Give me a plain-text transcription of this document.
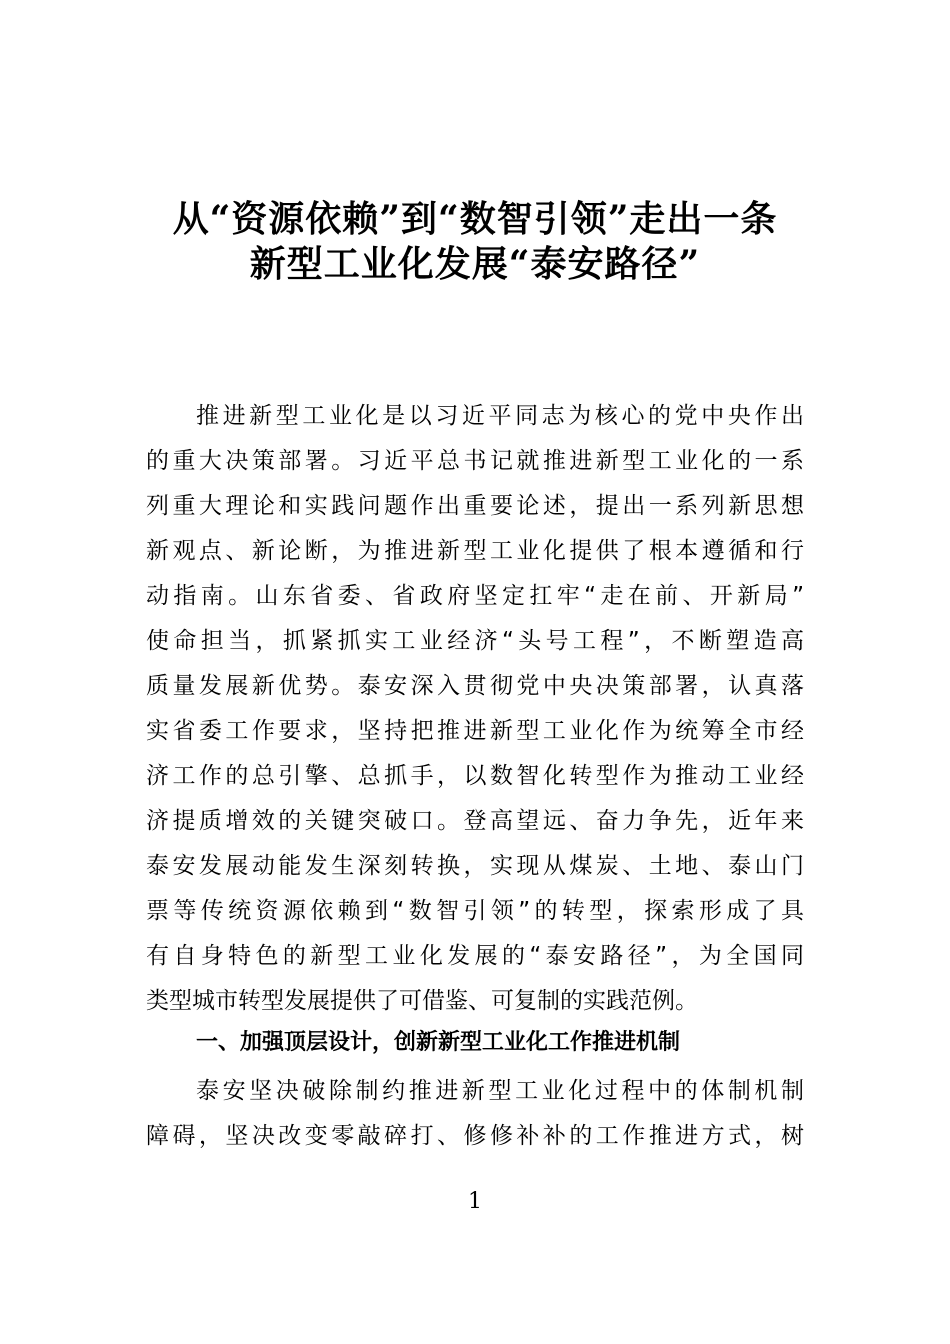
从“资源依赖”到“数智引领”走出一条
新型工业化发展“泰安路径”

推进新型工业化是以习近平同志为核心的党中央作出

的重大决策部署。习近平总书记就推进新型工业化的一系

列重大理论和实践问题作出重要论述，提出一系列新思想

新观点、新论断，为推进新型工业化提供了根本遵循和行

动指南。山东省委、省政府坚定扛牢“走在前、开新局”

使命担当，抓紧抓实工业经济“头号工程”，不断塑造高

质量发展新优势。泰安深入贯彻党中央决策部署，认真落

实省委工作要求，坚持把推进新型工业化作为统筹全市经

济工作的总引擎、总抓手，以数智化转型作为推动工业经

济提质增效的关键突破口。登高望远、奋力争先，近年来

泰安发展动能发生深刻转换，实现从煤炭、土地、泰山门

票等传统资源依赖到“数智引领”的转型，探索形成了具

有自身特色的新型工业化发展的“泰安路径”，为全国同

类型城市转型发展提供了可借鉴、可复制的实践范例。

一、加强顶层设计，创新新型工业化工作推进机制

泰安坚决破除制约推进新型工业化过程中的体制机制

障碍，坚决改变零敲碎打、修修补补的工作推进方式，树

1
